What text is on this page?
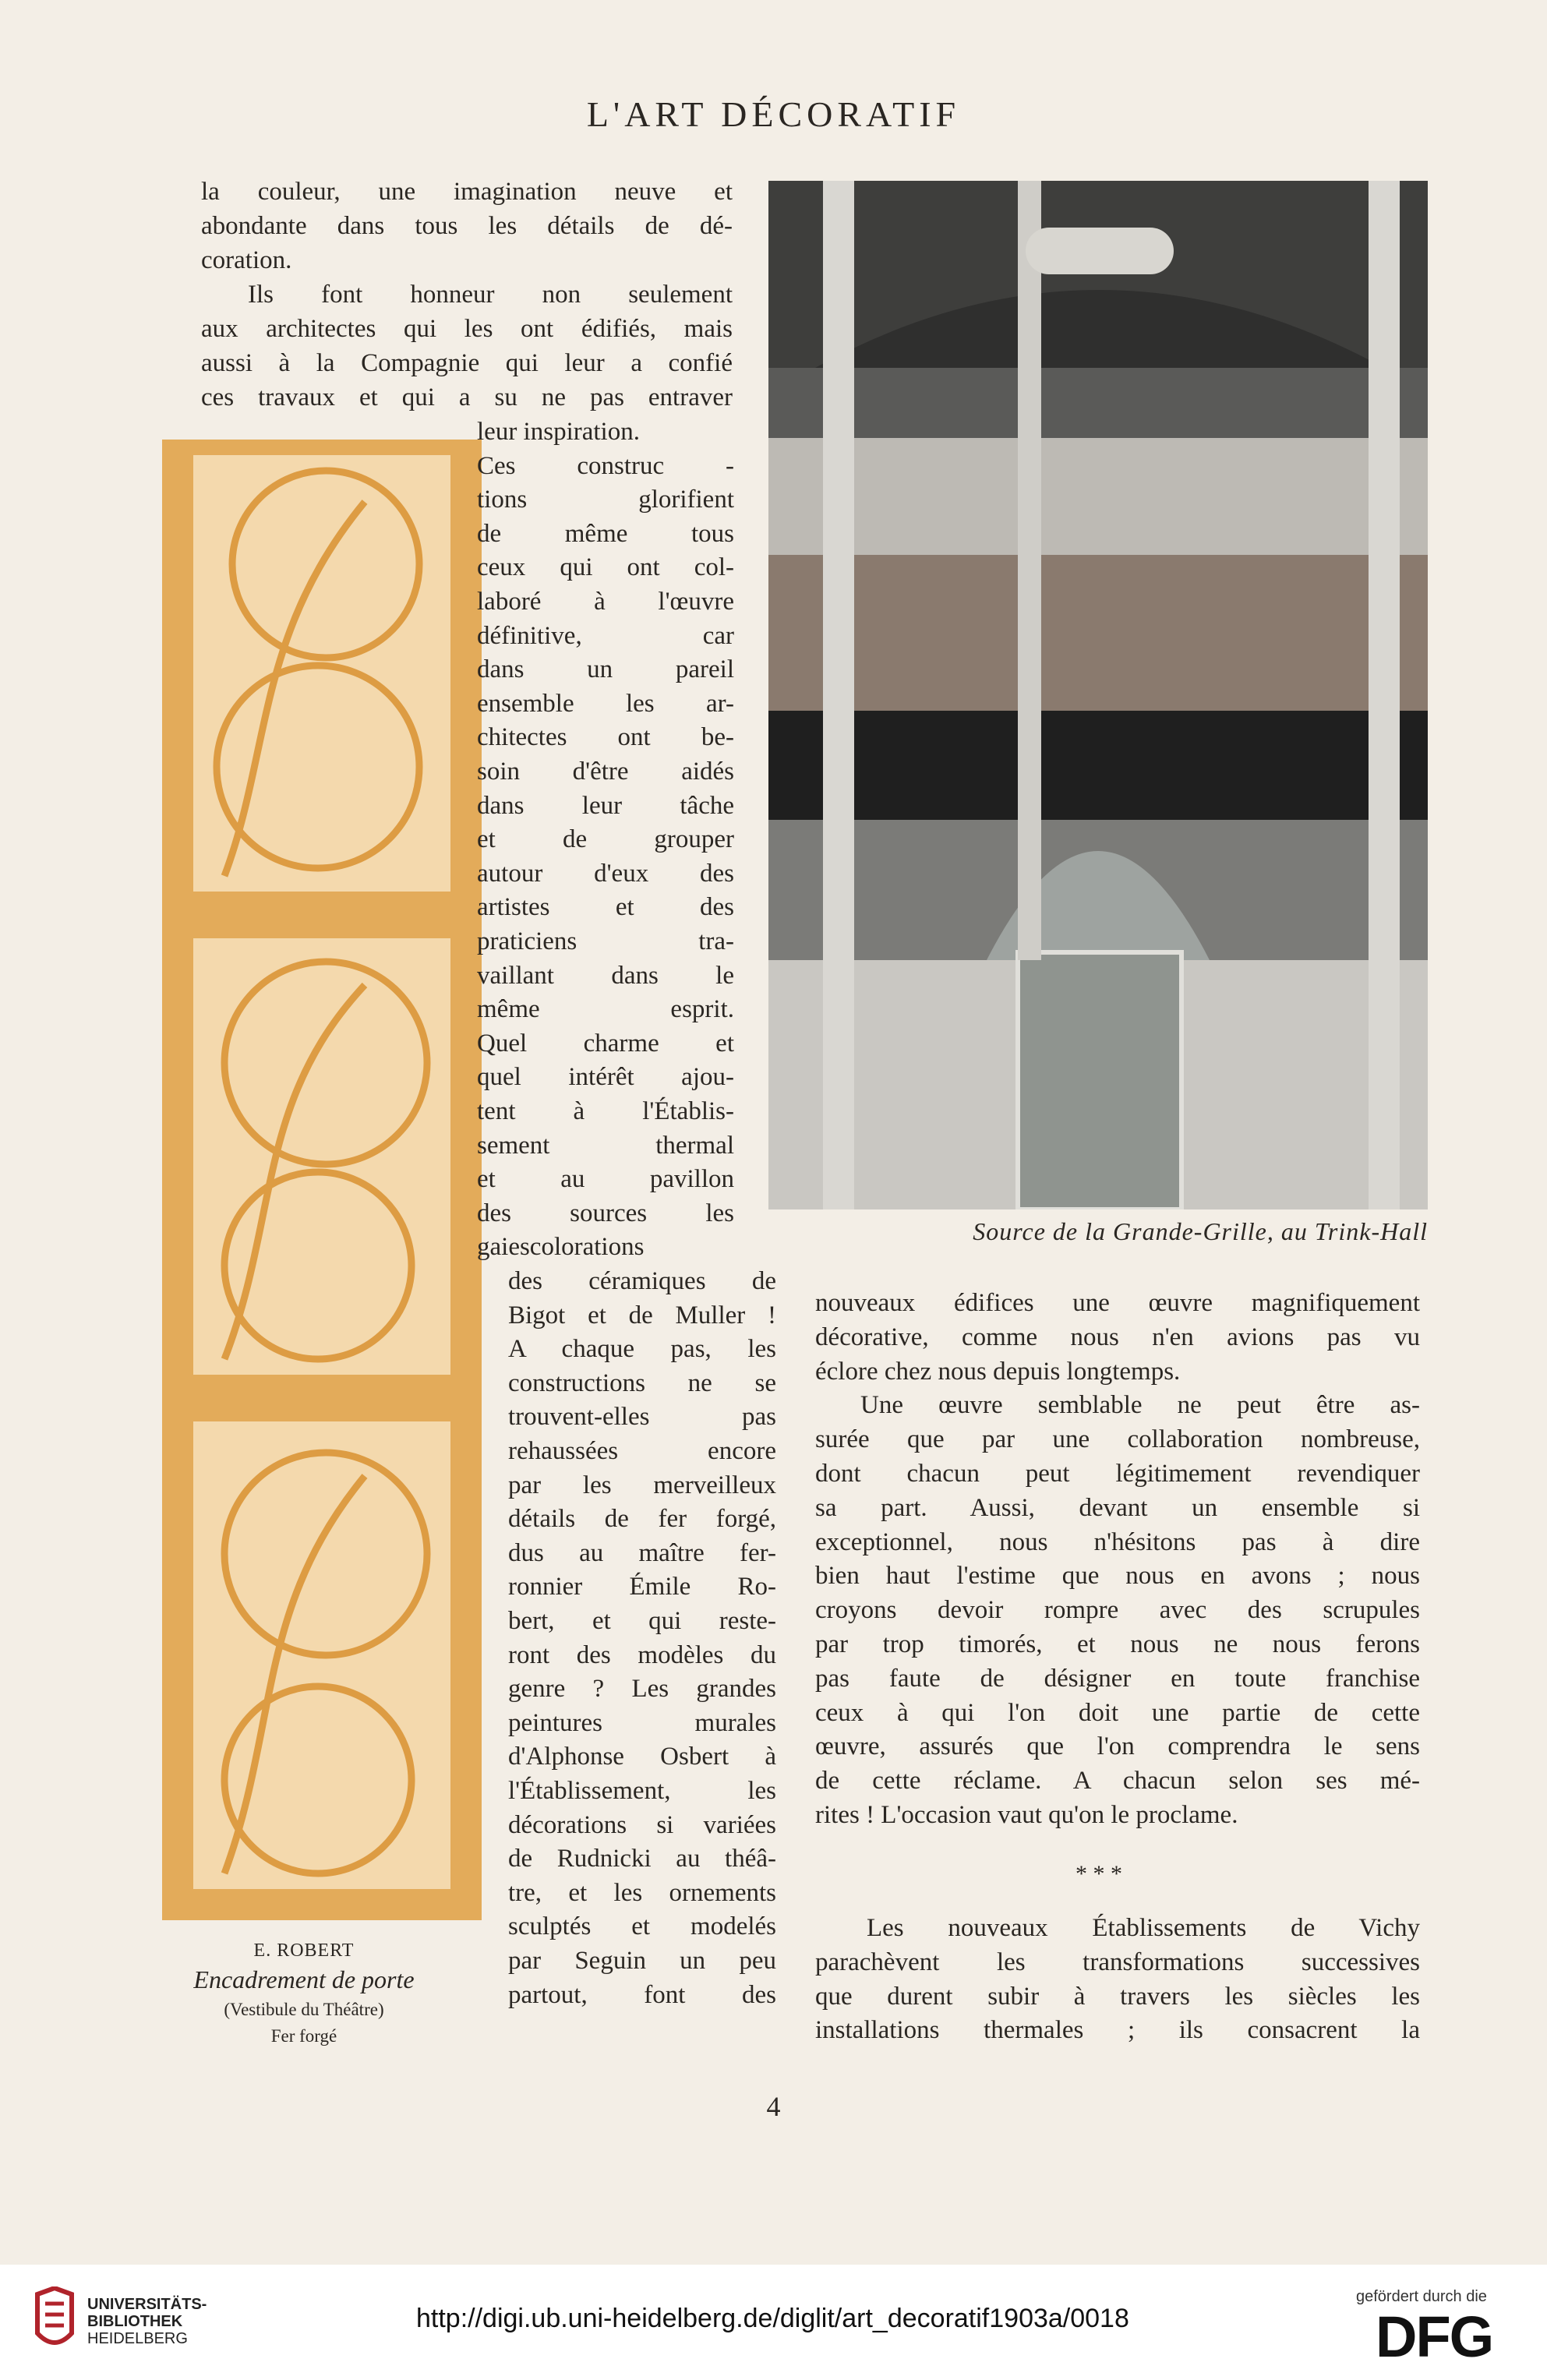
L'ART DÉCORATIF
Source de la Grande-Grille, au Trink-Hall
E. ROBERT
Encadrement de porte
(Vestibule du Théâtre)
Fer forgé
la couleur, une imagination neuve et
abondante dans tous les détails de dé-
coration.
Ils font honneur non seulement
aux architectes qui les ont édifiés, mais
aussi à la Compagnie qui leur a confié
ces travaux et qui a su ne pas entraver
leur inspiration.
Ces construc -
tions glorifient
de même tous
ceux qui ont col-
laboré à l'œuvre
définitive, car
dans un pareil
ensemble les ar-
chitectes ont be-
soin d'être aidés
dans leur tâche
et de grouper
autour d'eux des
artistes et des
praticiens tra-
vaillant dans le
même esprit.
Quel charme et
quel intérêt ajou-
tent à l'Établis-
sement thermal
et au pavillon
des sources les
gaiescolorations
des céramiques de
Bigot et de Muller !
A chaque pas, les
constructions ne se
trouvent-elles pas
rehaussées encore
par les merveilleux
détails de fer forgé,
dus au maître fer-
ronnier Émile Ro-
bert, et qui reste-
ront des modèles du
genre ? Les grandes
peintures murales
d'Alphonse Osbert à
l'Établissement, les
décorations si variées
de Rudnicki au théâ-
tre, et les ornements
sculptés et modelés
par Seguin un peu
partout, font des
nouveaux édifices une œuvre magnifiquement
décorative, comme nous n'en avions pas vu
éclore chez nous depuis longtemps.
Une œuvre semblable ne peut être as-
surée que par une collaboration nombreuse,
dont chacun peut légitimement revendiquer
sa part. Aussi, devant un ensemble si
exceptionnel, nous n'hésitons pas à dire
bien haut l'estime que nous en avons ; nous
croyons devoir rompre avec des scrupules
par trop timorés, et nous ne nous ferons
pas faute de désigner en toute franchise
ceux à qui l'on doit une partie de cette
œuvre, assurés que l'on comprendra le sens
de cette réclame. A chacun selon ses mé-
rites ! L'occasion vaut qu'on le proclame.
* * *
Les nouveaux Établissements de Vichy
parachèvent les transformations successives
que durent subir à travers les siècles les
installations thermales ; ils consacrent la
4
UNIVERSITÄTS-
BIBLIOTHEK
HEIDELBERG
http://digi.ub.uni-heidelberg.de/diglit/art_decoratif1903a/0018
gefördert durch die
DFG
